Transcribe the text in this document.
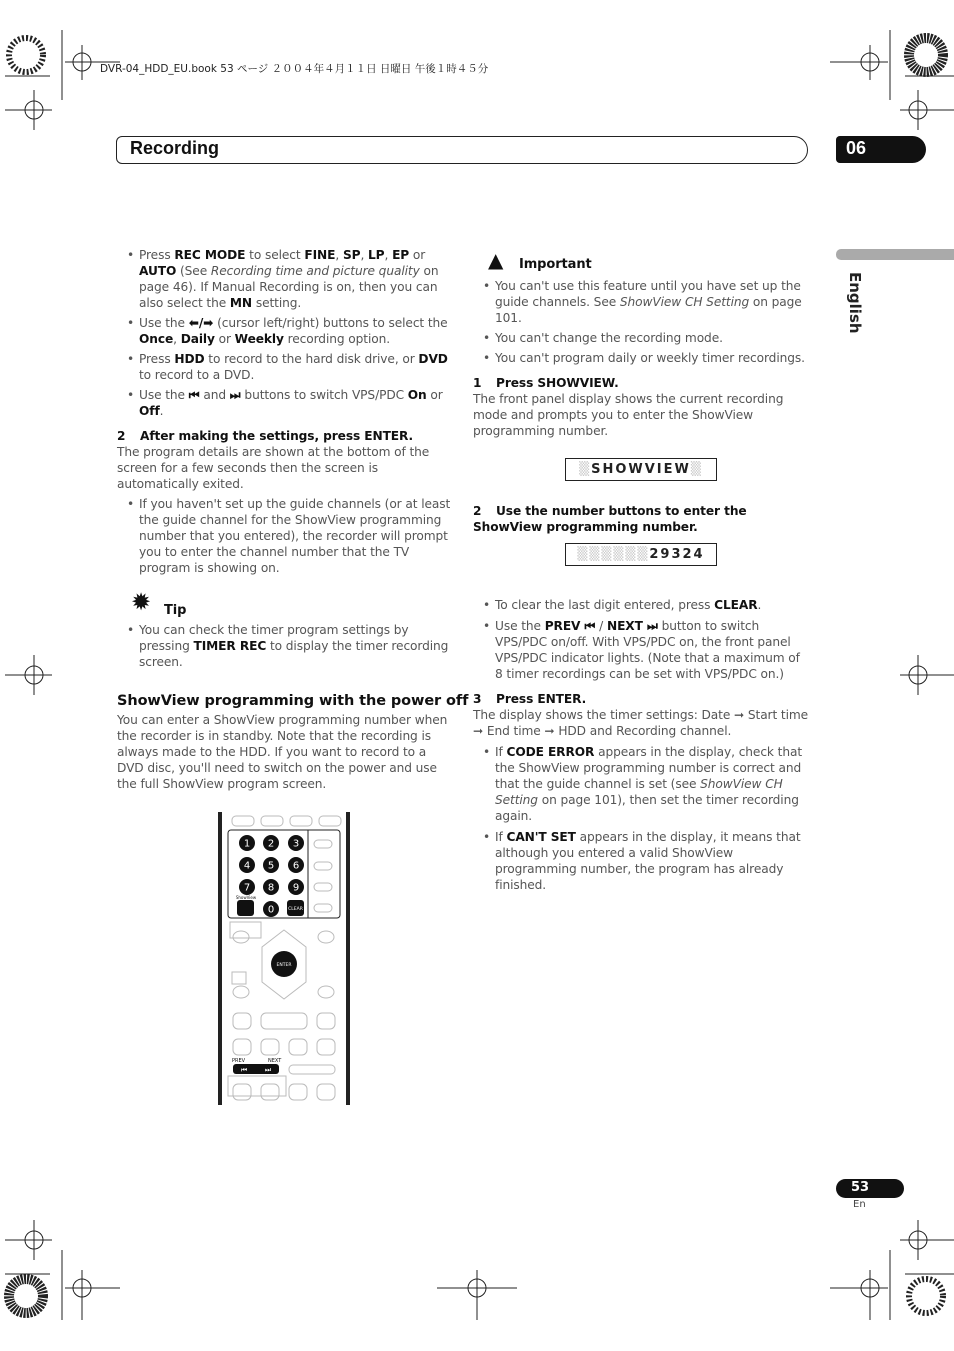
DVR-04_HDD_EU.book 53 ページ ２００４年４月１１日 日曜日 午後１時４５分
Recording	06
English
• Press REC MODE to select FINE, SP, LP, EP or AUTO (See Recording time and picture quality on page 46). If Manual Recording is on, then you can also select the MN setting.
• Use the ⬅/➡ (cursor left/right) buttons to select the Once, Daily or Weekly recording option.
• Press HDD to record to the hard disk drive, or DVD to record to a DVD.
• Use the ⏮ and ⏭ buttons to switch VPS/PDC On or Off.
2 After making the settings, press ENTER.
The program details are shown at the bottom of the screen for a few seconds then the screen is automatically exited.
• If you haven't set up the guide channels (or at least the guide channel for the ShowView programming number that you entered), the recorder will prompt you to enter the channel number that the TV program is showing on.
✹ Tip
• You can check the timer program settings by pressing TIMER REC to display the timer recording screen.
ShowView programming with the power off
You can enter a ShowView programming number when the recorder is in standby. Note that the recording is always made to the HDD. If you want to record to a DVD disc, you'll need to switch on the power and use the full ShowView program screen.
1 2 3
4 5 6
7 8 9
0
ShowView
CLEAR
ENTER
PREV	NEXT
⏮	⏭
▲ Important
• You can't use this feature until you have set up the guide channels. See ShowView CH Setting on page 101.
• You can't change the recording mode.
• You can't program daily or weekly timer recordings.
1 Press SHOWVIEW.
The front panel display shows the current recording mode and prompts you to enter the ShowView programming number.
2 Use the number buttons to enter the ShowView programming number.
• To clear the last digit entered, press CLEAR.
• Use the PREV ⏮ / NEXT ⏭ button to switch VPS/PDC on/off. With VPS/PDC on, the front panel VPS/PDC indicator lights. (Note that a maximum of 8 timer recordings can be set with VPS/PDC on.)
3 Press ENTER.
The display shows the timer settings: Date ➞ Start time ➞ End time ➞ HDD and Recording channel.
• If CODE ERROR appears in the display, check that the ShowView programming number is correct and that the guide channel is set (see ShowView CH Setting on page 101), then set the timer recording again.
• If CAN'T SET appears in the display, it means that although you entered a valid ShowView programming number, the program has already finished.
▒SHOWVIEW▒
▒▒▒▒▒▒29324
53
En
